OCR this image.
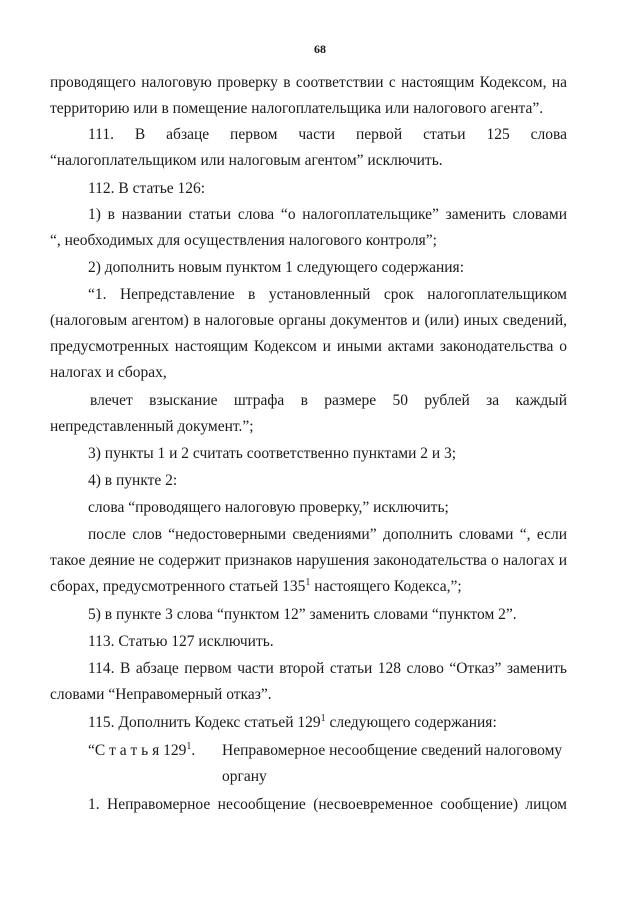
68
проводящего налоговую проверку в соответствии с настоящим Кодексом, на
территорию или в помещение налогоплательщика или налогового агента”.
111. В абзаце первом части первой статьи 125 слова
“налогоплательщиком или налоговым агентом” исключить.
112. В статье 126:
1) в названии статьи слова “о налогоплательщике” заменить словами
“, необходимых для осуществления налогового контроля”;
2) дополнить новым пунктом 1 следующего содержания:
“1. Непредставление в установленный срок налогоплательщиком
(налоговым агентом) в налоговые органы документов и (или) иных сведений,
предусмотренных настоящим Кодексом и иными актами законодательства о
налогах и сборах,
влечет взыскание штрафа в размере 50 рублей за каждый
непредставленный документ.”;
3) пункты 1 и 2 считать соответственно пунктами 2 и 3;
4) в пункте 2:
слова “проводящего налоговую проверку,” исключить;
после слов “недостоверными сведениями” дополнить словами “, если
такое деяние не содержит признаков нарушения законодательства о налогах и
сборах, предусмотренного статьей $135^1$ настоящего Кодекса,”;
5) в пункте 3 слова “пунктом 12” заменить словами “пунктом 2”.
113. Статью 127 исключить.
114. В абзаце первом части второй статьи 128 слово “Отказ” заменить
словами “Неправомерный отказ”.
115. Дополнить Кодекс статьей $129^1$ следующего содержания:
“С т а т ь я $129^1$. Неправомерное несообщение сведений налоговому
органу
1. Неправомерное несообщение (несвоевременное сообщение) лицом
